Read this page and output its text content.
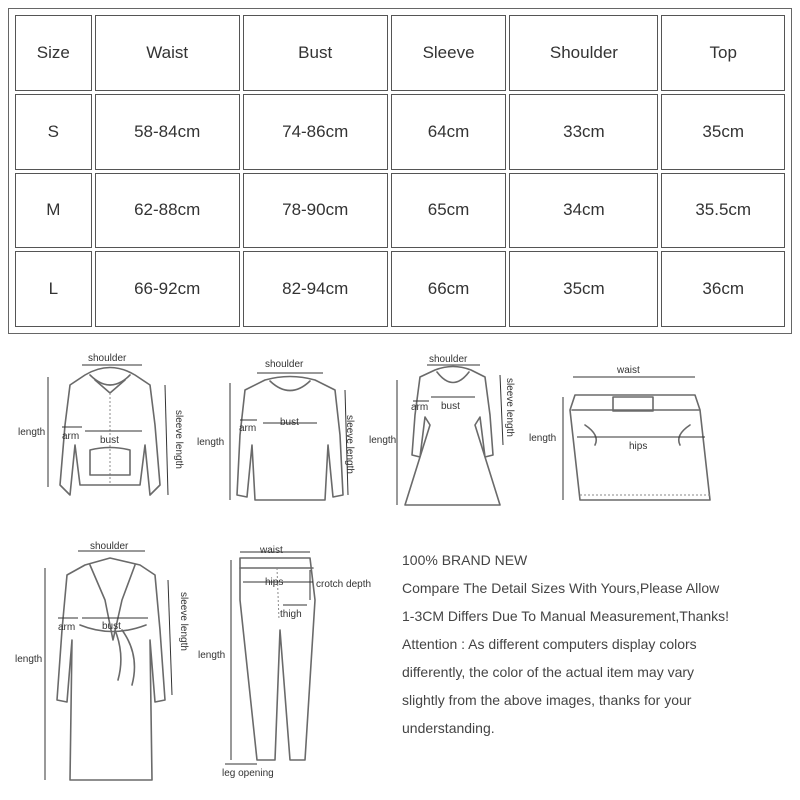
Size	Waist	Bust	Sleeve	Shoulder	Top
S	58-84cm	74-86cm	64cm	33cm	35cm
M	62-88cm	78-90cm	65cm	34cm	35.5cm
L	66-92cm	82-94cm	66cm	35cm	36cm
shoulder
length arm bust	sleeve length
shoulder
length
arm
bust	sleeve length
shoulder
length
arm bust	sleeve length
waist
length
hips
shoulder
length
arm	bust	sleeve length
waist
hips	crotch depth
thigh
length
leg opening

100% BRAND NEW

Compare The Detail Sizes With Yours,Please Allow

1-3CM Differs Due To Manual Measurement,Thanks!

Attention : As different computers display colors

differently, the color of the actual item may vary

slightly from the above images, thanks for your

understanding.
